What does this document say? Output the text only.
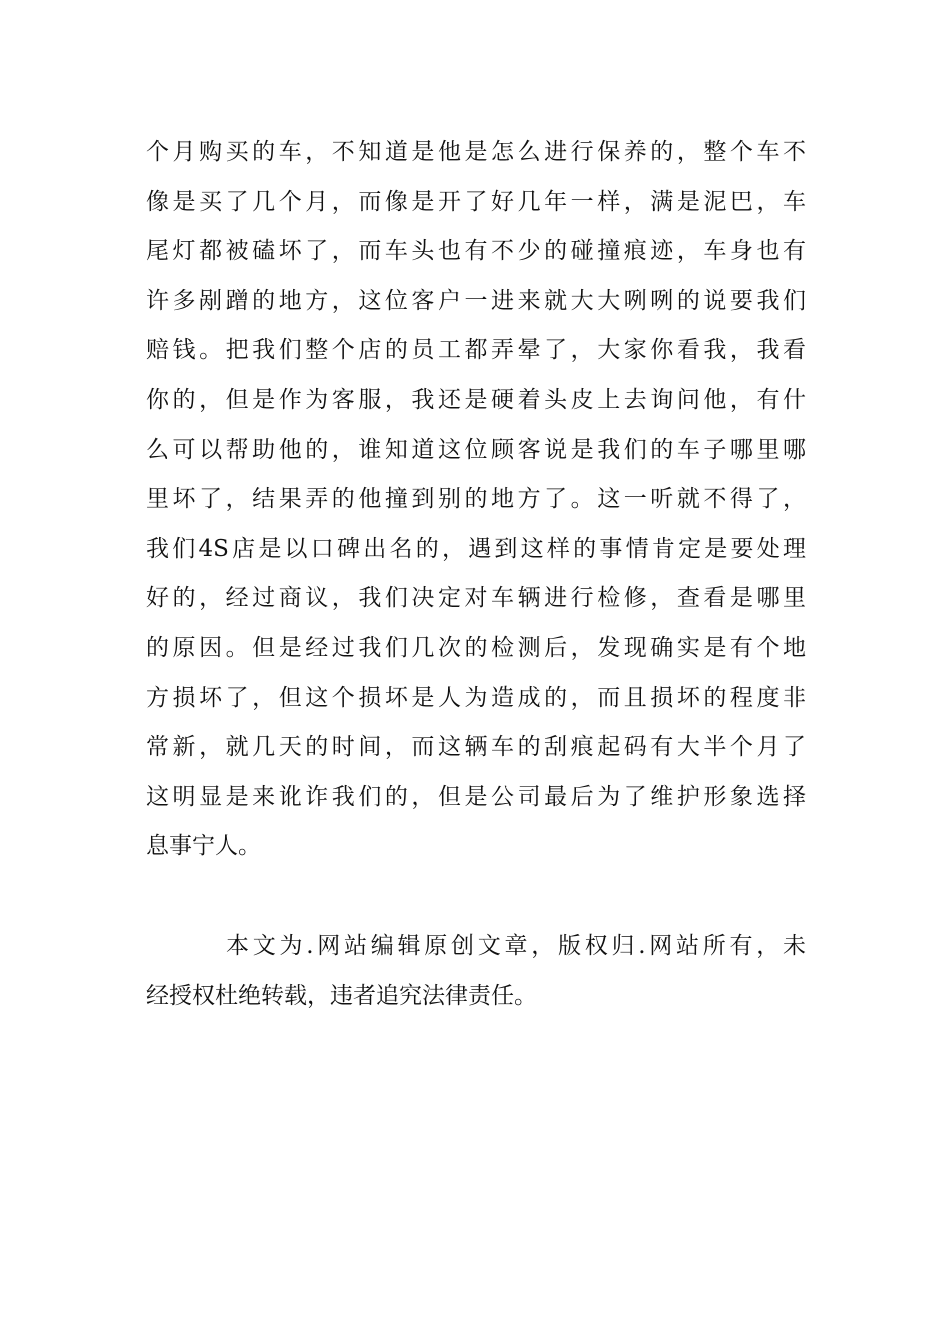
个月购买的车，不知道是他是怎么进行保养的，整个车不
像是买了几个月，而像是开了好几年一样，满是泥巴，车
尾灯都被磕坏了，而车头也有不少的碰撞痕迹，车身也有
许多剐蹭的地方，这位客户一进来就大大咧咧的说要我们
赔钱。把我们整个店的员工都弄晕了，大家你看我，我看
你的，但是作为客服，我还是硬着头皮上去询问他，有什
么可以帮助他的，谁知道这位顾客说是我们的车子哪里哪
里坏了，结果弄的他撞到别的地方了。这一听就不得了，
我们4S店是以口碑出名的，遇到这样的事情肯定是要处理
好的，经过商议，我们决定对车辆进行检修，查看是哪里
的原因。但是经过我们几次的检测后，发现确实是有个地
方损坏了，但这个损坏是人为造成的，而且损坏的程度非
常新，就几天的时间，而这辆车的刮痕起码有大半个月了
这明显是来讹诈我们的，但是公司最后为了维护形象选择
息事宁人。
本文为.网站编辑原创文章，版权归.网站所有，未
经授权杜绝转载，违者追究法律责任。
